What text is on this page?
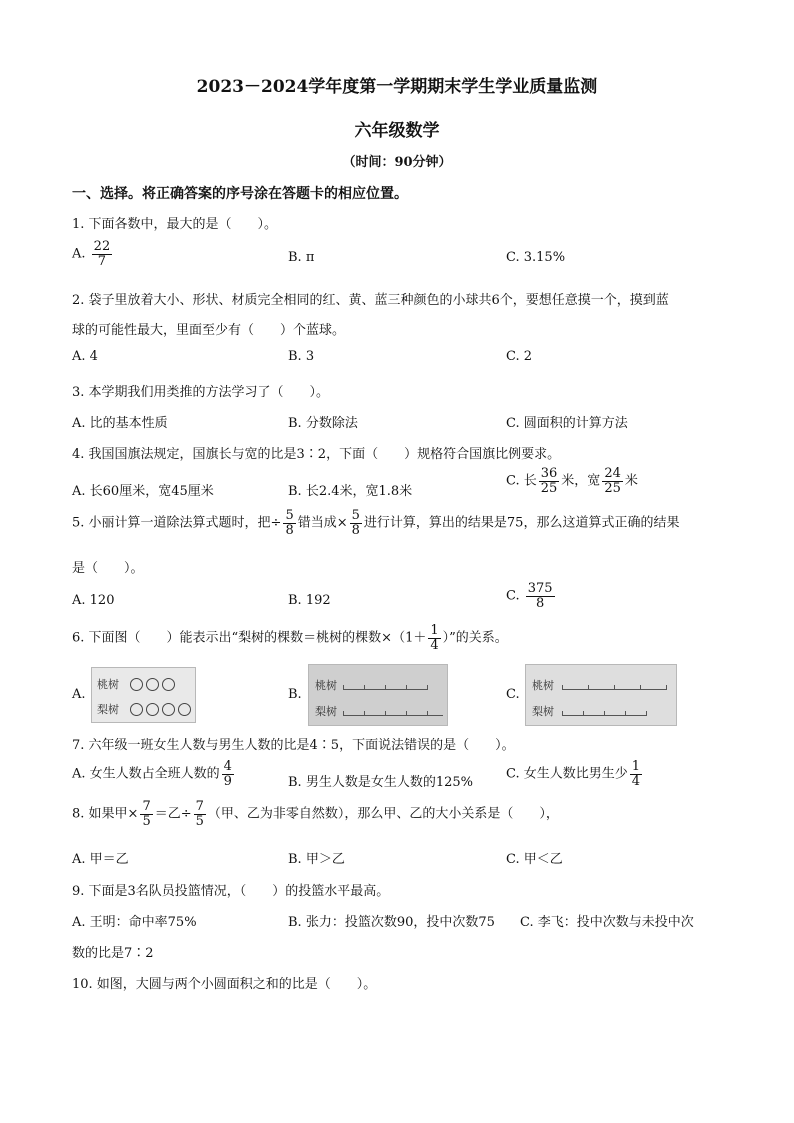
2023－2024学年度第一学期期末学生学业质量监测
六年级数学
（时间：90分钟）
一、选择。将正确答案的序号涂在答题卡的相应位置。
1. 下面各数中，最大的是（　　）。
A. $\frac{22}{7}$	B. π	C. 3.15%
2. 袋子里放着大小、形状、材质完全相同的红、黄、蓝三种颜色的小球共6个，要想任意摸一个，摸到蓝
球的可能性最大，里面至少有（　　）个蓝球。
A. 4	B. 3	C. 2
3. 本学期我们用类推的方法学习了（　　）。
A. 比的基本性质	B. 分数除法	C. 圆面积的计算方法
4. 我国国旗法规定，国旗长与宽的比是3∶2，下面（　　）规格符合国旗比例要求。
A. 长60厘米，宽45厘米	B. 长2.4米，宽1.8米
C. 长 $\frac{36}{25}$ 米，宽 $\frac{24}{25}$ 米
5. 小丽计算一道除法算式题时，把÷ $\frac{5}{8}$ 错当成× $\frac{5}{8}$ 进行计算，算出的结果是75，那么这道算式正确的结果
是（　　）。
A. 120	B. 192	C. $\frac{375}{8}$
6. 下面图（　　）能表示出“梨树的棵数＝桃树的棵数$\times(1+ \frac{1}{4}$ ）”的关系。
A.
桃树
梨树
B.
桃树
梨树
C.
桃树
梨树
7. 六年级一班女生人数与男生人数的比是4∶5，下面说法错误的是（　　）。
A. 女生人数占全班人数的 $\frac{4}{9}$	B. 男生人数是女生人数的125%
C. 女生人数比男生少 $\frac{1}{4}$
8. 如果甲× $\frac{7}{5}$ ＝乙÷ $\frac{7}{5}$ （甲、乙为非零自然数），那么甲、乙的大小关系是（　　），
A. 甲＝乙	B. 甲＞乙	C. 甲＜乙
9. 下面是3名队员投篮情况，（　　）的投篮水平最高。
A. 王明：命中率75%	B. 张力：投篮次数90，投中次数75 C. 李飞：投中次数与未投中次
数的比是7∶2
10. 如图，大圆与两个小圆面积之和的比是（　　）。
